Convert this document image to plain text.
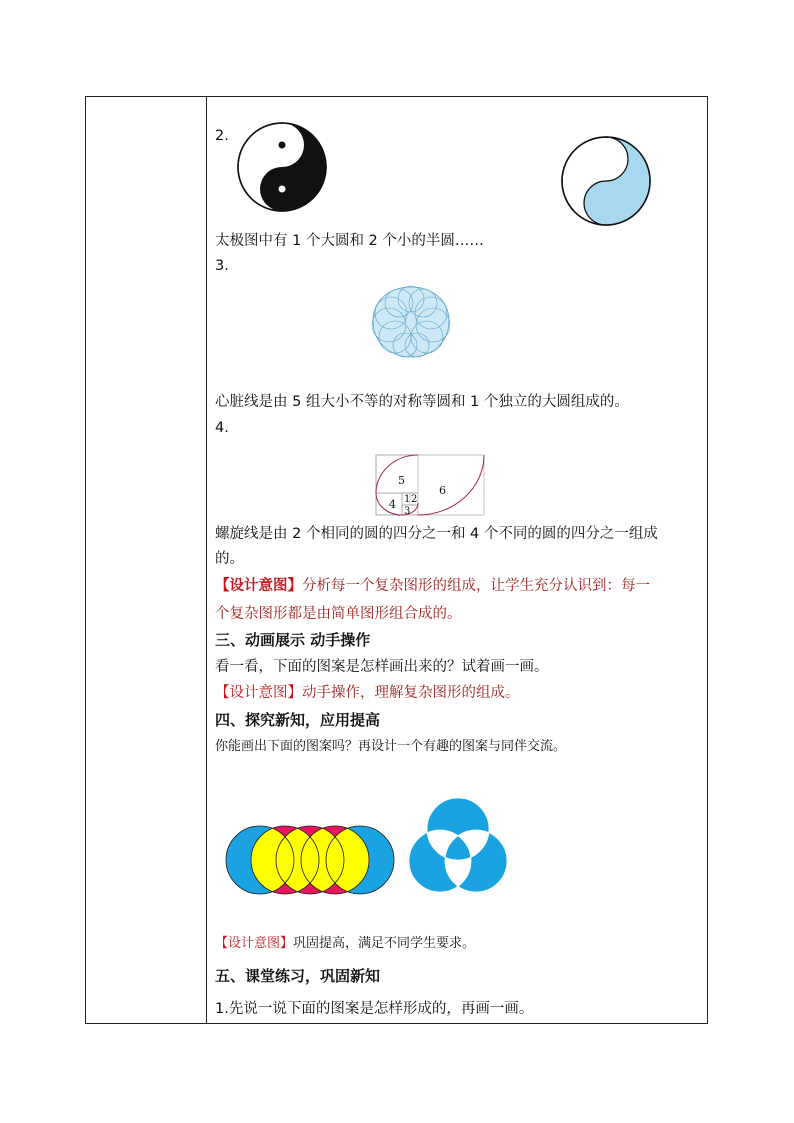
2.
太极图中有 1 个大圆和 2 个小的半圆……
3.
心脏线是由 5 组大小不等的对称等圆和 1 个独立的大圆组成的。
4.
5
6
4 1 2
3
螺旋线是由 2 个相同的圆的四分之一和 4 个不同的圆的四分之一组成
的。
【设计意图】分析每一个复杂图形的组成，让学生充分认识到：每一
个复杂图形都是由简单图形组合成的。
三、动画展示 动手操作
看一看，下面的图案是怎样画出来的？试着画一画。
【设计意图】动手操作，理解复杂图形的组成。
四、探究新知，应用提高
你能画出下面的图案吗？再设计一个有趣的图案与同伴交流。
【设计意图】巩固提高，满足不同学生要求。
五、课堂练习，巩固新知
1.先说一说下面的图案是怎样形成的，再画一画。
